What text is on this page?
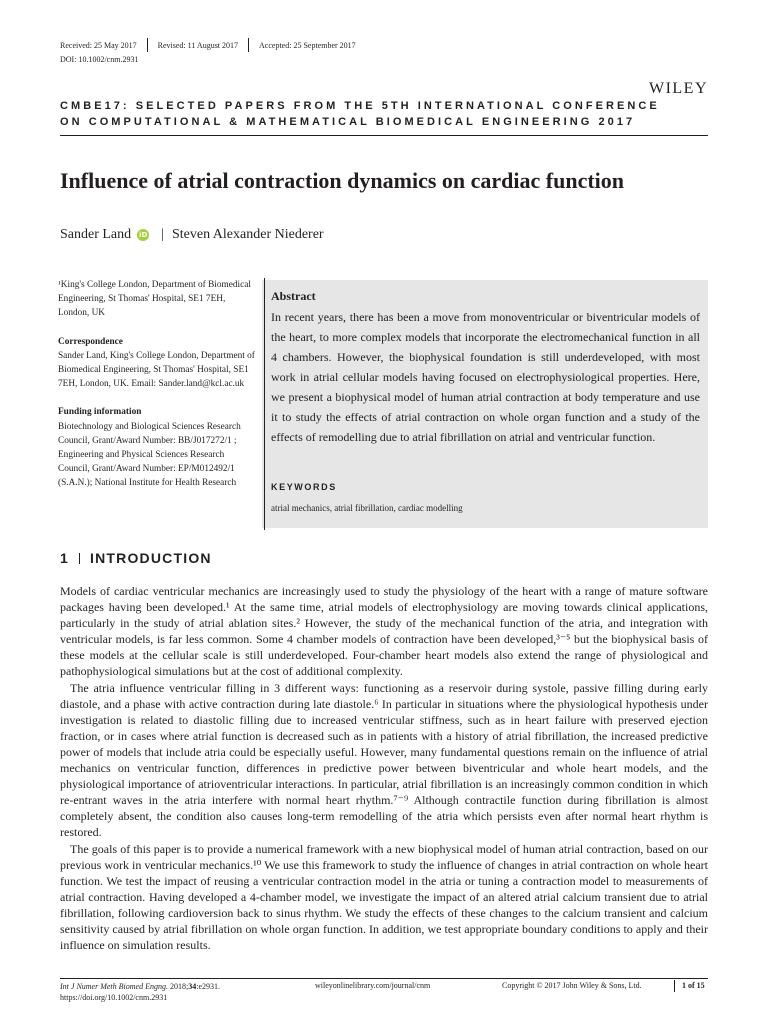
Received: 25 May 2017	Revised: 11 August 2017	Accepted: 25 September 2017
DOI: 10.1002/cnm.2931
WILEY
CMBE17: SELECTED PAPERS FROM THE 5TH INTERNATIONAL CONFERENCE
ON COMPUTATIONAL & MATHEMATICAL BIOMEDICAL ENGINEERING 2017
Influence of atrial contraction dynamics on cardiac function
Sander Land iD | Steven Alexander Niederer
¹King's College London, Department of Biomedical Engineering, St Thomas' Hospital, SE1 7EH, London, UK
Correspondence
Sander Land, King's College London, Department of Biomedical Engineering, St Thomas' Hospital, SE1 7EH, London, UK. Email: Sander.land@kcl.ac.uk
Funding information
Biotechnology and Biological Sciences Research Council, Grant/Award Number: BB/J017272/1 ; Engineering and Physical Sciences Research Council, Grant/Award Number: EP/M012492/1 (S.A.N.); National Institute for Health Research
Abstract
In recent years, there has been a move from monoventricular or biventricular models of the heart, to more complex models that incorporate the electromechanical function in all 4 chambers. However, the biophysical foundation is still underdeveloped, with most work in atrial cellular models having focused on electrophysiological properties. Here, we present a biophysical model of human atrial contraction at body temperature and use it to study the effects of atrial contraction on whole organ function and a study of the effects of remodelling due to atrial fibrillation on atrial and ventricular function.
KEYWORDS
atrial mechanics, atrial fibrillation, cardiac modelling
1 INTRODUCTION

Models of cardiac ventricular mechanics are increasingly used to study the physiology of the heart with a range of mature software packages having been developed.¹ At the same time, atrial models of electrophysiology are moving towards clinical applications, particularly in the study of atrial ablation sites.² However, the study of the mechanical function of the atria, and integration with ventricular models, is far less common. Some 4 chamber models of contraction have been developed,³⁻⁵ but the biophysical basis of these models at the cellular scale is still underdeveloped. Four-chamber heart models also extend the range of physiological and pathophysiological simulations but at the cost of additional complexity.

The atria influence ventricular filling in 3 different ways: functioning as a reservoir during systole, passive filling during early diastole, and a phase with active contraction during late diastole.⁶ In particular in situations where the physiological hypothesis under investigation is related to diastolic filling due to increased ventricular stiffness, such as in heart failure with preserved ejection fraction, or in cases where atrial function is decreased such as in patients with a history of atrial fibrillation, the increased predictive power of models that include atria could be especially useful. However, many fundamental questions remain on the influence of atrial mechanics on ventricular function, differences in predictive power between biventricular and whole heart models, and the physiological importance of atrioventricular interactions. In particular, atrial fibrillation is an increasingly common condition in which re-entrant waves in the atria interfere with normal heart rhythm.⁷⁻⁹ Although contractile function during fibrillation is almost completely absent, the condition also causes long-term remodelling of the atria which persists even after normal heart rhythm is restored.

The goals of this paper is to provide a numerical framework with a new biophysical model of human atrial contraction, based on our previous work in ventricular mechanics.¹⁰ We use this framework to study the influence of changes in atrial contraction on whole heart function. We test the impact of reusing a ventricular contraction model in the atria or tuning a contraction model to measurements of atrial contraction. Having developed a 4-chamber model, we investigate the impact of an altered atrial calcium transient due to atrial fibrillation, following cardioversion back to sinus rhythm. We study the effects of these changes to the calcium transient and calcium sensitivity caused by atrial fibrillation on whole organ function. In addition, we test appropriate boundary conditions to apply and their influence on simulation results.

Int J Numer Meth Biomed Engng. 2018;34:e2931.
https://doi.org/10.1002/cnm.2931
wileyonlinelibrary.com/journal/cnm	Copyright © 2017 John Wiley & Sons, Ltd.	1 of 15
